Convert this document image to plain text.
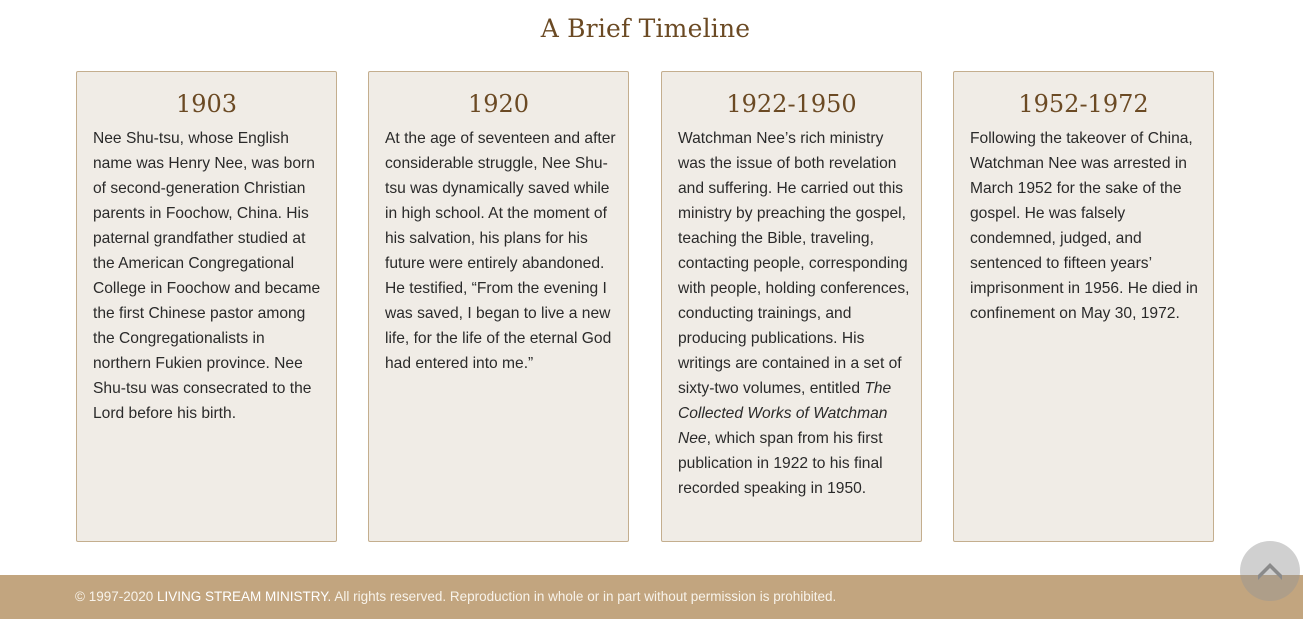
A Brief Timeline
1903

Nee Shu-tsu, whose English name was Henry Nee, was born of second-generation Christian parents in Foochow, China. His paternal grandfather studied at the American Congregational College in Foochow and became the first Chinese pastor among the Congregationalists in northern Fukien province. Nee Shu-tsu was consecrated to the Lord before his birth.

1920

At the age of seventeen and after considerable struggle, Nee Shu-tsu was dynamically saved while in high school. At the moment of his salvation, his plans for his future were entirely abandoned. He testified, “From the evening I was saved, I began to live a new life, for the life of the eternal God had entered into me.”

1922-1950

Watchman Nee’s rich ministry was the issue of both revelation and suffering. He carried out this ministry by preaching the gospel, teaching the Bible, traveling, contacting people, corresponding with people, holding conferences, conducting trainings, and producing publications. His writings are contained in a set of sixty-two volumes, entitled The Collected Works of Watchman Nee, which span from his first publication in 1922 to his final recorded speaking in 1950.

1952-1972

Following the takeover of China, Watchman Nee was arrested in March 1952 for the sake of the gospel. He was falsely condemned, judged, and sentenced to fifteen years’ imprisonment in 1956. He died in confinement on May 30, 1972.

© 1997-2020 LIVING STREAM MINISTRY. All rights reserved. Reproduction in whole or in part without permission is prohibited.
